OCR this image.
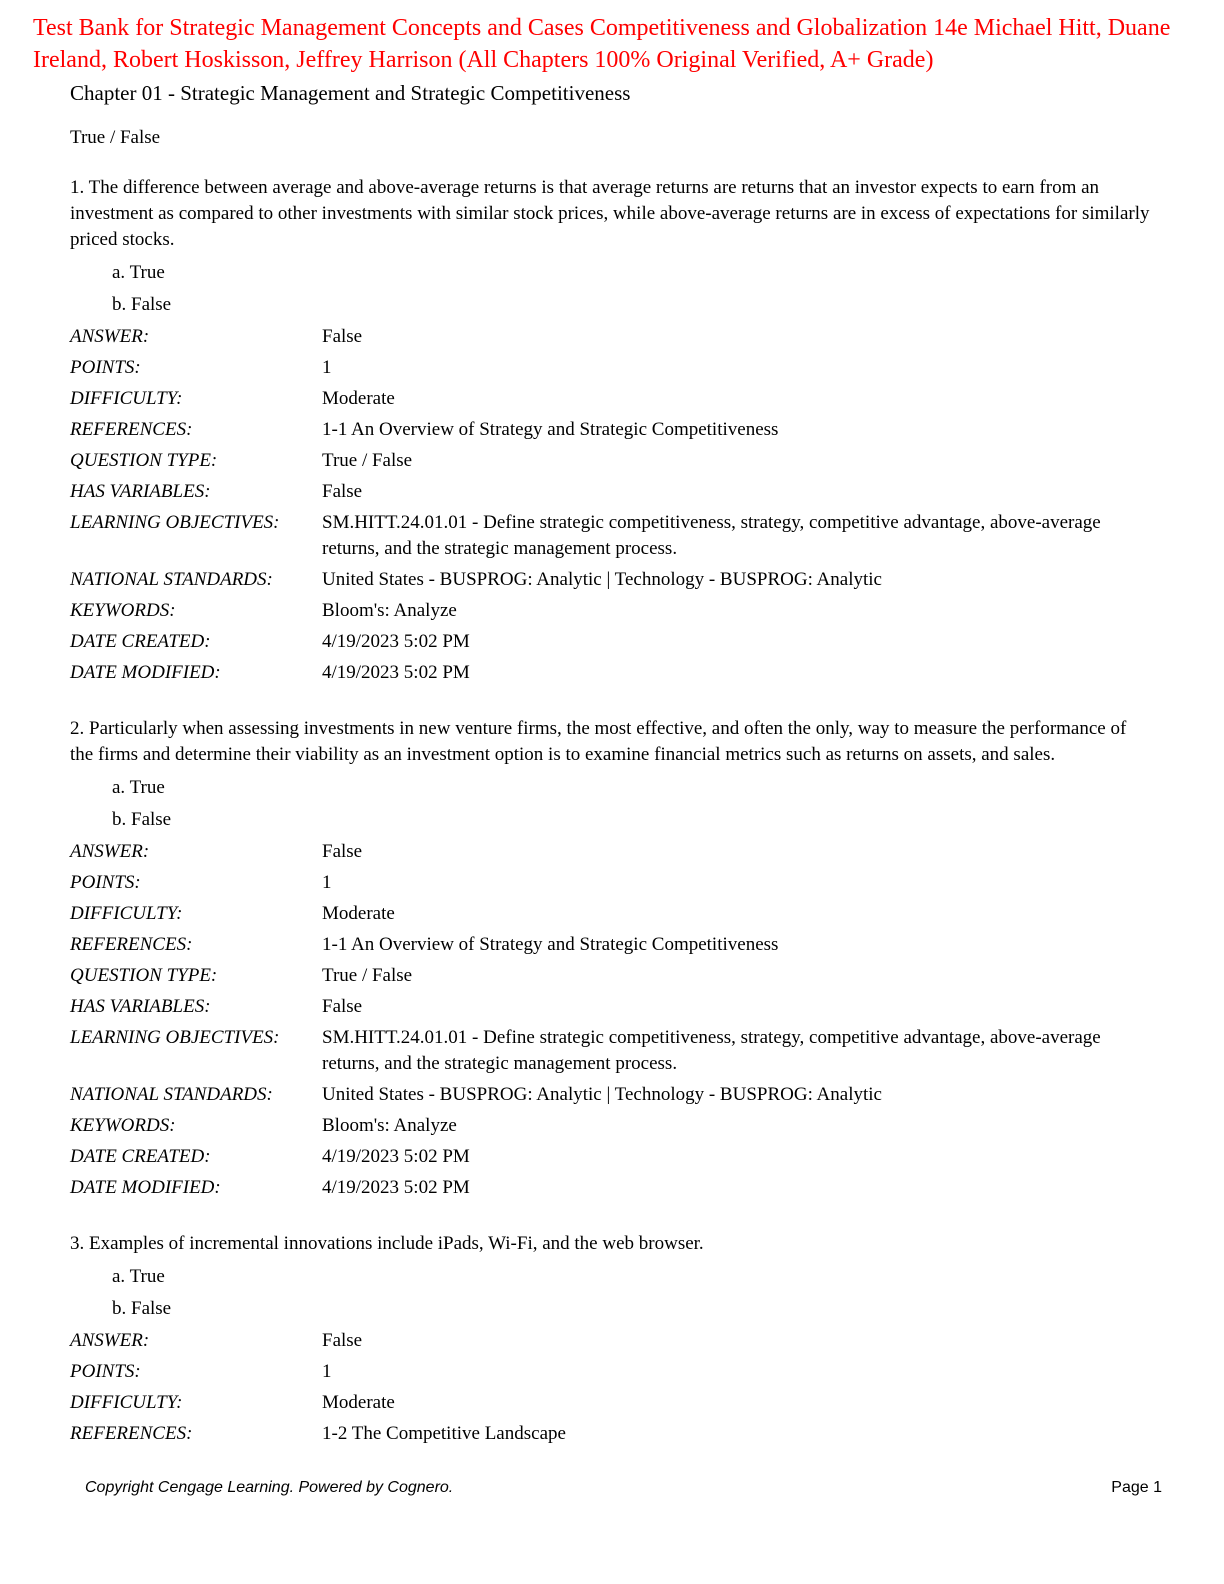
Test Bank for Strategic Management Concepts and Cases Competitiveness and Globalization 14e Michael Hitt, Duane Ireland, Robert Hoskisson, Jeffrey Harrison (All Chapters 100% Original Verified, A+ Grade)
Chapter 01 - Strategic Management and Strategic Competitiveness
True / False
1. The difference between average and above-average returns is that average returns are returns that an investor expects to earn from an investment as compared to other investments with similar stock prices, while above-average returns are in excess of expectations for similarly priced stocks.
a. True
b. False
ANSWER:	False
POINTS:	1
DIFFICULTY:	Moderate
REFERENCES:	1-1 An Overview of Strategy and Strategic Competitiveness
QUESTION TYPE:	True / False
HAS VARIABLES:	False
LEARNING OBJECTIVES:	SM.HITT.24.01.01 - Define strategic competitiveness, strategy, competitive advantage, above-average returns, and the strategic management process.
NATIONAL STANDARDS:	United States - BUSPROG: Analytic | Technology - BUSPROG: Analytic
KEYWORDS:	Bloom's: Analyze
DATE CREATED:	4/19/2023 5:02 PM
DATE MODIFIED:	4/19/2023 5:02 PM
2. Particularly when assessing investments in new venture firms, the most effective, and often the only, way to measure the performance of the firms and determine their viability as an investment option is to examine financial metrics such as returns on assets, and sales.
a. True
b. False
ANSWER:	False
POINTS:	1
DIFFICULTY:	Moderate
REFERENCES:	1-1 An Overview of Strategy and Strategic Competitiveness
QUESTION TYPE:	True / False
HAS VARIABLES:	False
LEARNING OBJECTIVES:	SM.HITT.24.01.01 - Define strategic competitiveness, strategy, competitive advantage, above-average returns, and the strategic management process.
NATIONAL STANDARDS:	United States - BUSPROG: Analytic | Technology - BUSPROG: Analytic
KEYWORDS:	Bloom's: Analyze
DATE CREATED:	4/19/2023 5:02 PM
DATE MODIFIED:	4/19/2023 5:02 PM
3. Examples of incremental innovations include iPads, Wi-Fi, and the web browser.
a. True
b. False
ANSWER:	False
POINTS:	1
DIFFICULTY:	Moderate
REFERENCES:	1-2 The Competitive Landscape
Copyright Cengage Learning. Powered by Cognero.	Page 1
